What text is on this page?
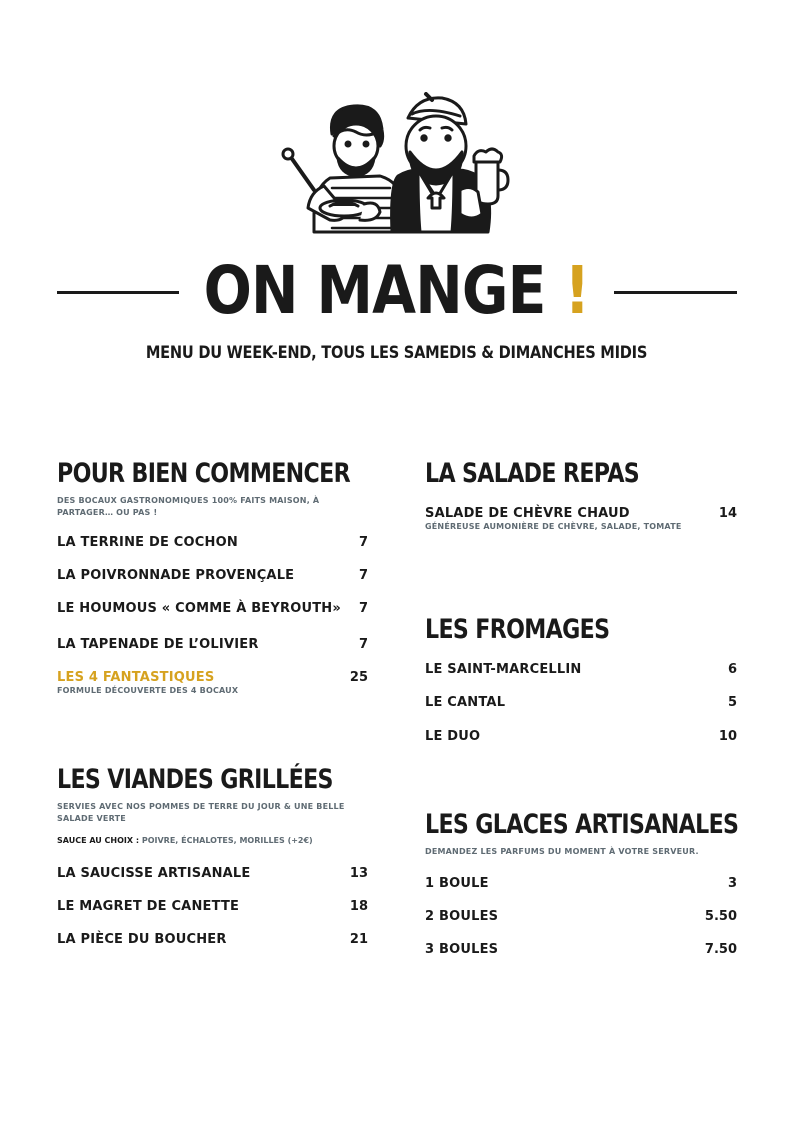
ON MANGE !
MENU DU WEEK-END, TOUS LES SAMEDIS & DIMANCHES MIDIS
POUR BIEN COMMENCER
DES BOCAUX GASTRONOMIQUES 100% FAITS MAISON, À PARTAGER… OU PAS !
LA TERRINE DE COCHON	7
LA POIVRONNADE PROVENÇALE	7
LE HOUMOUS « COMME À BEYROUTH» 7
LA TAPENADE DE L’OLIVIER	7
LES 4 FANTASTIQUES	25
FORMULE DÉCOUVERTE DES 4 BOCAUX
LES VIANDES GRILLÉES
SERVIES AVEC NOS POMMES DE TERRE DU JOUR & UNE BELLE SALADE VERTE
SAUCE AU CHOIX : POIVRE, ÉCHALOTES, MORILLES (+2€)
LA SAUCISSE ARTISANALE	13
LE MAGRET DE CANETTE	18
LA PIÈCE DU BOUCHER	21
LA SALADE REPAS
SALADE DE CHÈVRE CHAUD	14
GÉNÉREUSE AUMONIÈRE DE CHÈVRE, SALADE, TOMATE
LES FROMAGES
LE SAINT-MARCELLIN	6
LE CANTAL	5
LE DUO	10
LES GLACES ARTISANALES
DEMANDEZ LES PARFUMS DU MOMENT À VOTRE SERVEUR.
1 BOULE	3
2 BOULES	5.50
3 BOULES	7.50
